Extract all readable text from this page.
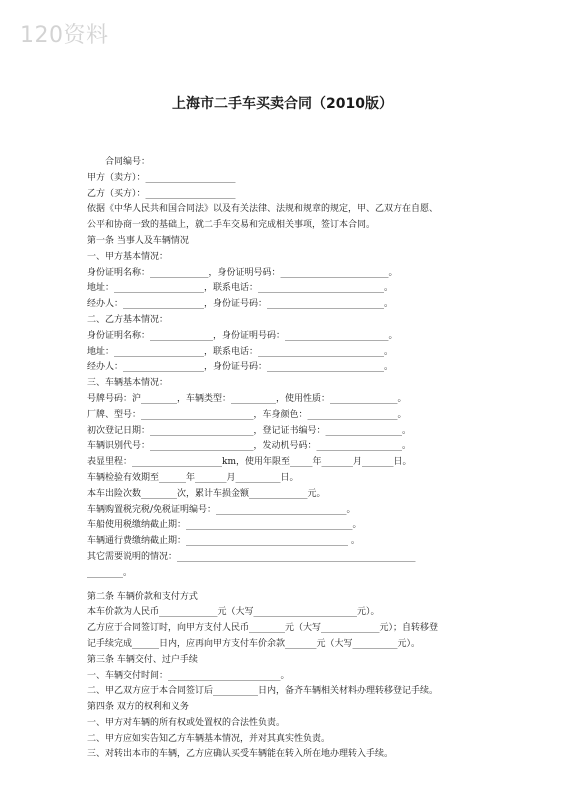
120资料
上海市二手车买卖合同（2010版）
合同编号：
甲方（卖方）：____________________
乙方（买方）：____________________
依据《中华人民共和国合同法》以及有关法律、法规和规章的规定，甲、乙双方在自愿、
公平和协商一致的基础上，就二手车交易和完成相关事项，签订本合同。
第一条 当事人及车辆情况
一、甲方基本情况：
身份证明名称：_____________，身份证明号码：________________________。
地址：____________________，联系电话：____________________________。
经办人：__________________，身份证号码：__________________________。
二、乙方基本情况：
身份证明名称：______________，身份证明号码：_______________________。
地址：____________________，联系电话：____________________________。
经办人：__________________，身份证号码：__________________________。
三、车辆基本情况：
号牌号码：沪________，车辆类型：__________，使用性质：_______________。
厂牌、型号：_________________________，车身颜色：____________________。
初次登记日期：_______________________，登记证书编号：_________________。
车辆识别代号：_______________________，发动机号码：___________________。
表显里程：____________________km，使用年限至_____年_______月_______日。
车辆检验有效期至______年_______月__________日。
本车出险次数________次，累计车损金额_____________元。
车辆购置税完税/免税证明编号：_____________________________。
车船使用税缴纳截止期：_____________________________________。
车辆通行费缴纳截止期：____________________________________ 。
其它需要说明的情况：_____________________________________________________
________。
第二条 车辆价款和支付方式
本车价款为人民币_____________元（大写_______________________元）。
乙方应于合同签订时，向甲方支付人民币________元（大写_____________元）；自转移登
记手续完成______日内，应再向甲方支付车价余款_______元（大写__________元）。
第三条 车辆交付、过户手续
一、车辆交付时间：_________________________。
二、甲乙双方应于本合同签订后__________日内，备齐车辆相关材料办理转移登记手续。
第四条 双方的权利和义务
一、甲方对车辆的所有权或处置权的合法性负责。
二、甲方应如实告知乙方车辆基本情况，并对其真实性负责。
三、对转出本市的车辆，乙方应确认买受车辆能在转入所在地办理转入手续。
